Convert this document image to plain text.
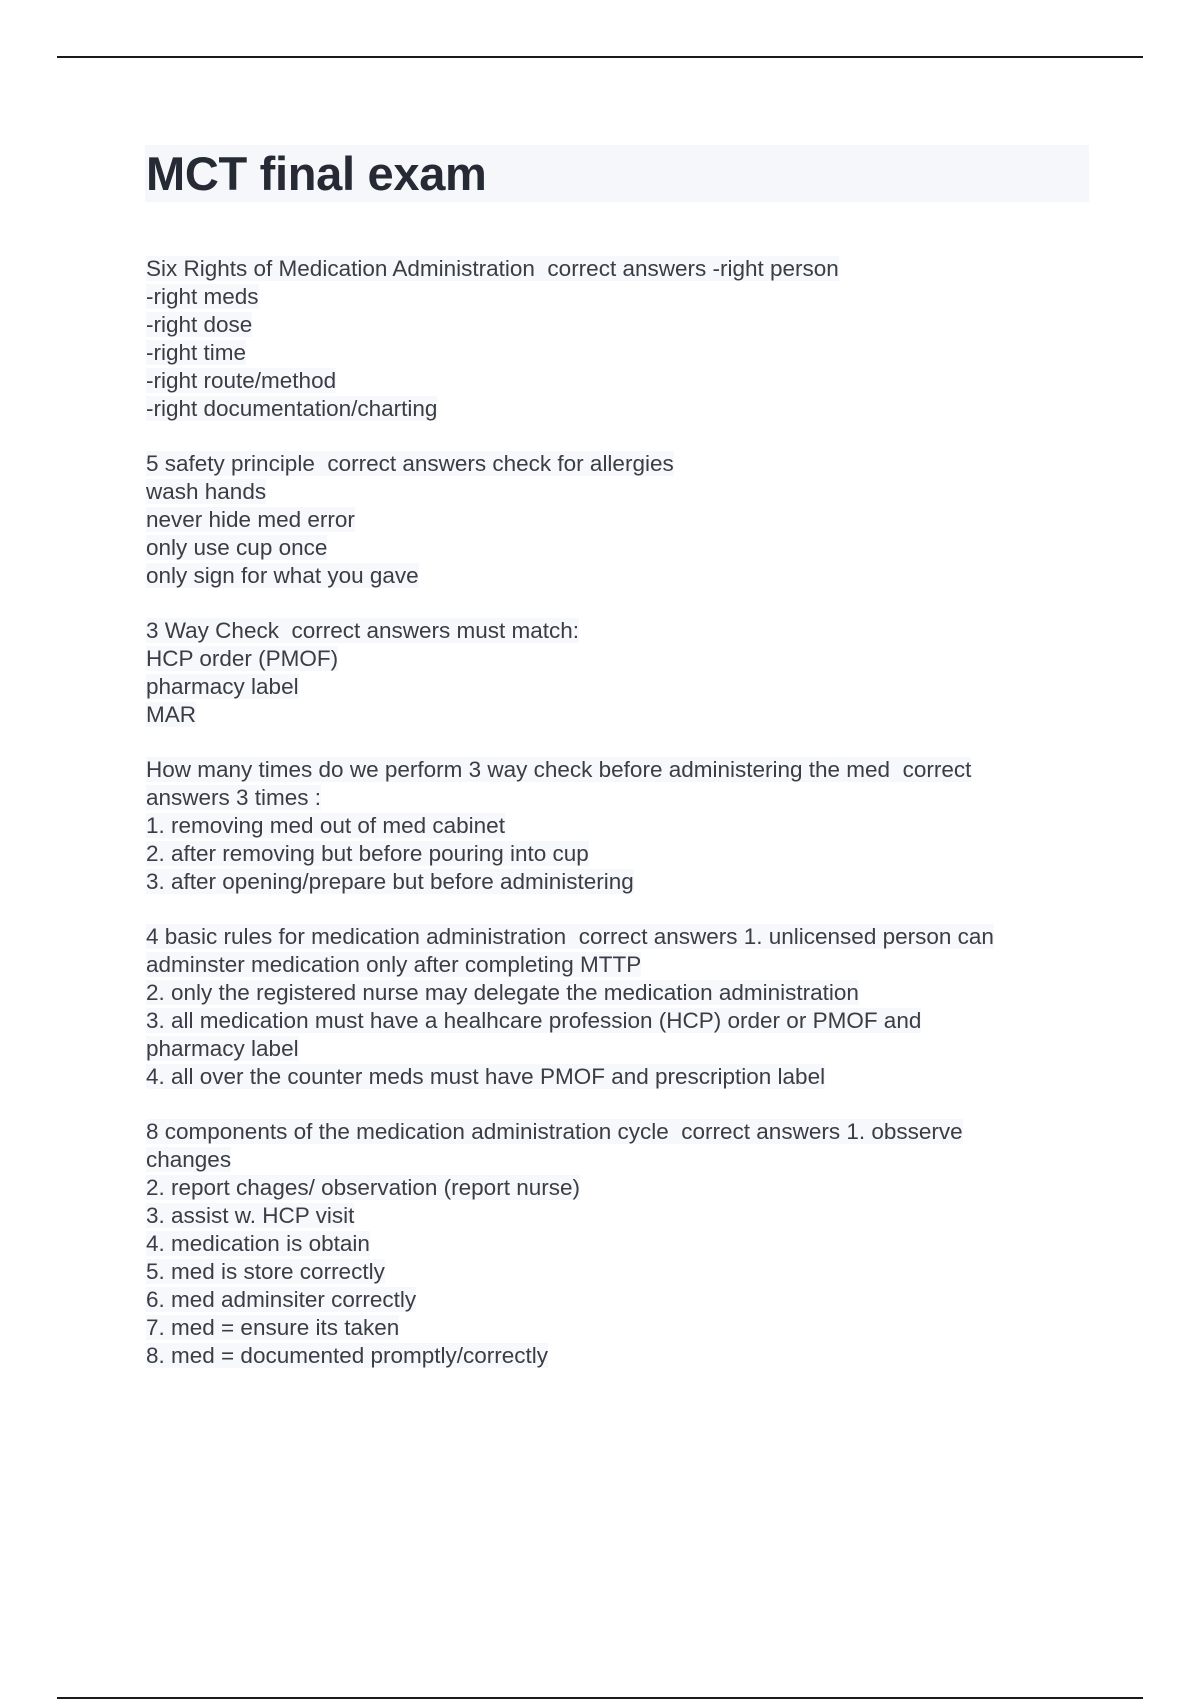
MCT final exam
Six Rights of Medication Administration  correct answers -right person
-right meds
-right dose
-right time
-right route/method
-right documentation/charting
5 safety principle  correct answers check for allergies
wash hands
never hide med error
only use cup once
only sign for what you gave
3 Way Check  correct answers must match:
HCP order (PMOF)
pharmacy label
MAR
How many times do we perform 3 way check before administering the med  correct
answers 3 times :
1. removing med out of med cabinet
2. after removing but before pouring into cup
3. after opening/prepare but before administering
4 basic rules for medication administration  correct answers 1. unlicensed person can
adminster medication only after completing MTTP
2. only the registered nurse may delegate the medication administration
3. all medication must have a healhcare profession (HCP) order or PMOF and
pharmacy label
4. all over the counter meds must have PMOF and prescription label
8 components of the medication administration cycle  correct answers 1. obsserve
changes
2. report chages/ observation (report nurse)
3. assist w. HCP visit
4. medication is obtain
5. med is store correctly
6. med adminsiter correctly
7. med = ensure its taken
8. med = documented promptly/correctly
